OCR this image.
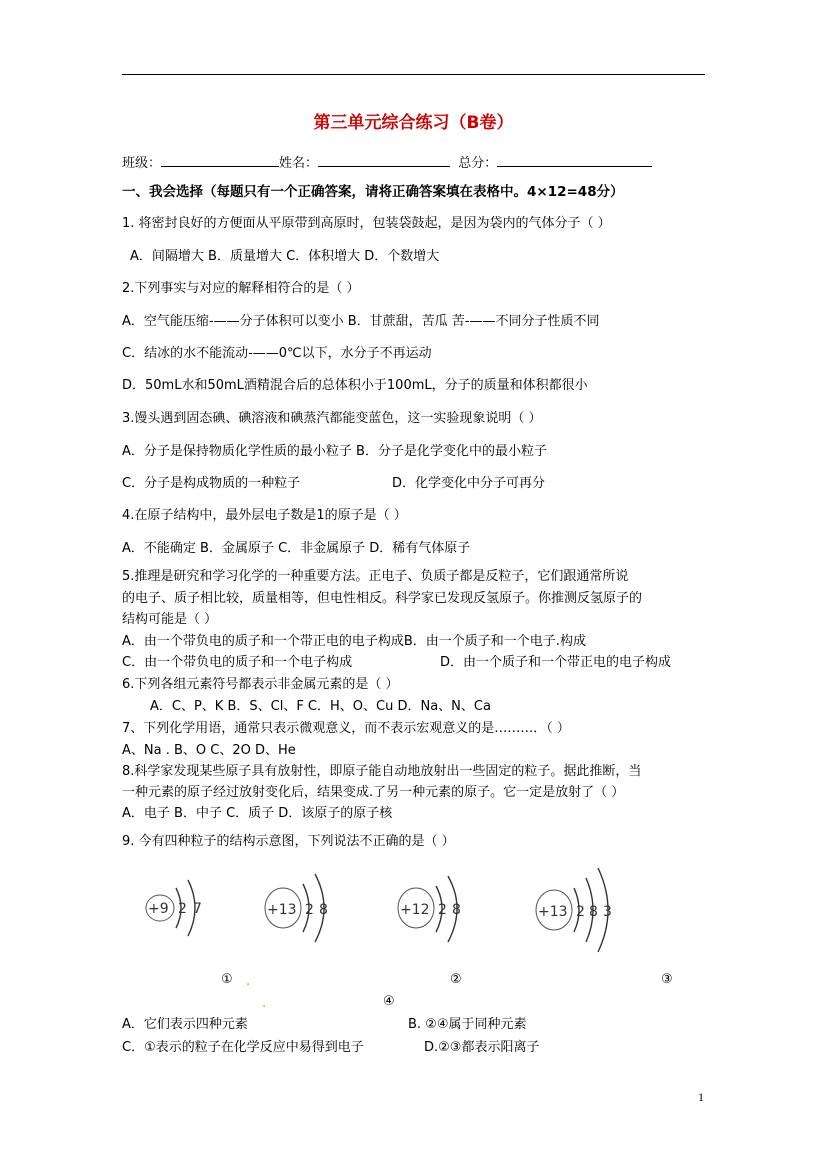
第三单元综合练习（B卷）
班级：	姓名：	总分：
一、我会选择（每题只有一个正确答案，请将正确答案填在表格中。4×12=48分）
1. 将密封良好的方便面从平原带到高原时，包装袋鼓起，是因为袋内的气体分子（ ）
A．间隔增大 B．质量增大 C．体积增大 D．个数增大
2.下列事实与对应的解释相符合的是（ ）
A．空气能压缩-——分子体积可以变小 B．甘蔗甜，苦瓜 苦-——不同分子性质不同
C．结冰的水不能流动-——0℃以下，水分子不再运动
D．50mL水和50mL酒精混合后的总体积小于100mL，分子的质量和体积都很小
3.馒头遇到固态碘、碘溶液和碘蒸汽都能变蓝色，这一实验现象说明（ ）
A．分子是保持物质化学性质的最小粒子 B．分子是化学变化中的最小粒子
C．分子是构成物质的一种粒子	D．化学变化中分子可再分
4.在原子结构中，最外层电子数是1的原子是（ ）
A．不能确定 B．金属原子 C．非金属原子 D．稀有气体原子
5.推理是研究和学习化学的一种重要方法。正电子、负质子都是反粒子，它们跟通常所说
的电子、质子相比较，质量相等，但电性相反。科学家已发现反氢原子。你推测反氢原子的
结构可能是（ ）
A．由一个带负电的质子和一个带正电的电子构成B．由一个质子和一个电子.构成
C．由一个带负电的质子和一个电子构成	D．由一个质子和一个带正电的电子构成
6.下列各组元素符号都表示非金属元素的是（ ）
A．C、P、K B．S、Cl、F C．H、O、Cu D．Na、N、Ca
7、下列化学用语，通常只表示微观意义，而不表示宏观意义的是………．（ ）
A、Na . B、O C、2O D、He
8.科学家发现某些原子具有放射性，即原子能自动地放射出一些固定的粒子。据此推断，当
一种元素的原子经过放射变化后，结果变成.了另一种元素的原子。它一定是放射了（ ）
A．电子 B．中子 C．质子 D．该原子的原子核
9. 今有四种粒子的结构示意图，下列说法不正确的是（ ）
+9 2 7	+13 2 8	+12 2 8	+13 2 8 3
① .	②	③
.	④
A．它们表示四种元素	B. ②④属于同种元素
C．①表示的粒子在化学反应中易得到电子	D.②③都表示阳离子
1
